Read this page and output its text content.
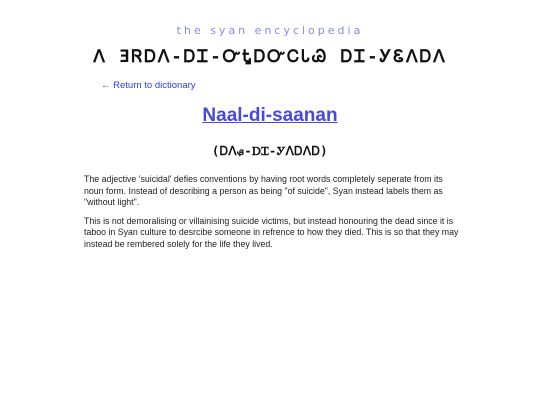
the syan encyclopedia
ᐱ ƎᏒᎠᐱ-ᎠᏆ-ᏅᎿᎠᏅᏟᏓᏊ ᎠᏆ-ᎩᏋᐱᎠᐱ
← Return to dictionary
Naal-di-saanan
(Ꭰᐱᏸ-ᎠᏆ-ᎩᐱᎠᐱᎠ)

The adjective 'suicidal' defies conventions by having root words completely seperate from its noun form. Instead of describing a person as being "of suicide", Syan instead labels them as "without light".

This is not demoralising or villainising suicide victims, but instead honouring the dead since it is taboo in Syan culture to desrcibe someone in refrence to how they died. This is so that they may instead be rembered solely for the life they lived.
